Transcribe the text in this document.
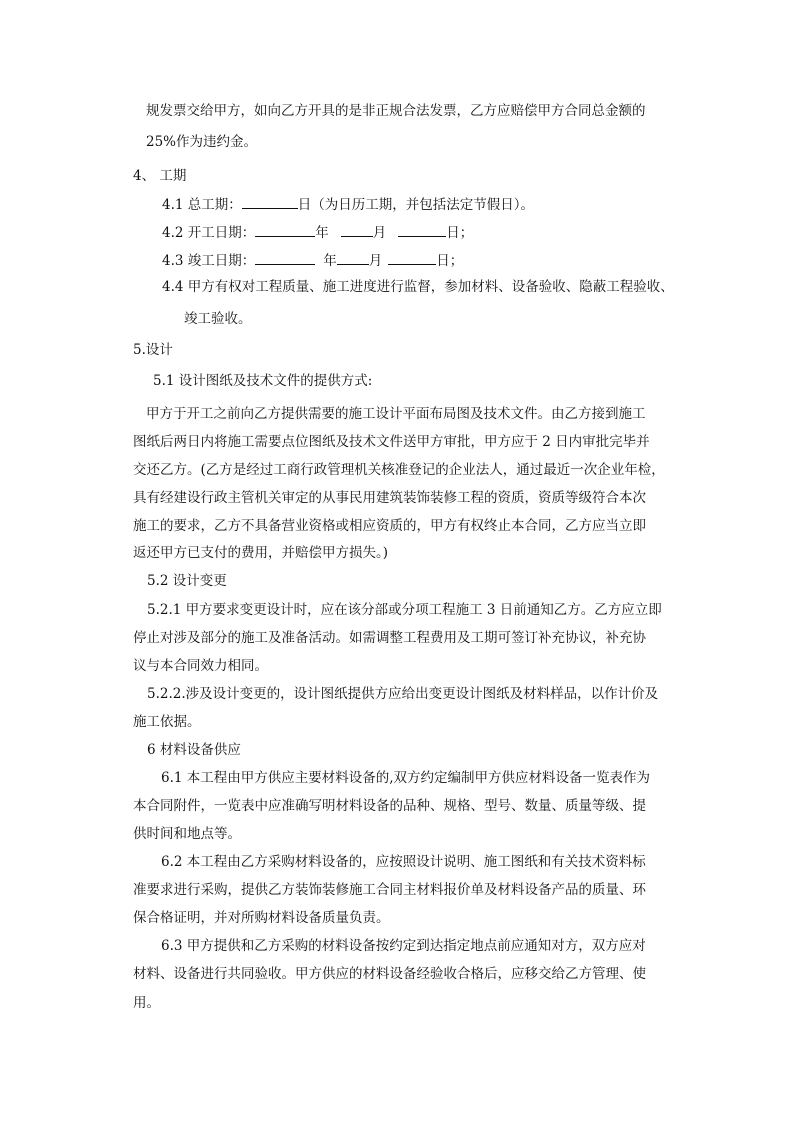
规发票交给甲方，如向乙方开具的是非正规合法发票，乙方应赔偿甲方合同总金额的
25%作为违约金。
4、 工期
4.1 总工期：	日（为日历工期，并包括法定节假日）。
4.2 开工日期：	年	月	日；
4.3 竣工日期：	年 月	日；
4.4 甲方有权对工程质量、施工进度进行监督，参加材料、设备验收、隐蔽工程验收、
竣工验收。
5.设计
5.1 设计图纸及技术文件的提供方式:
甲方于开工之前向乙方提供需要的施工设计平面布局图及技术文件。由乙方接到施工
图纸后两日内将施工需要点位图纸及技术文件送甲方审批，甲方应于 2 日内审批完毕并
交还乙方。(乙方是经过工商行政管理机关核准登记的企业法人，通过最近一次企业年检，
具有经建设行政主管机关审定的从事民用建筑装饰装修工程的资质，资质等级符合本次
施工的要求，乙方不具备营业资格或相应资质的，甲方有权终止本合同，乙方应当立即
返还甲方已支付的费用，并赔偿甲方损失。)
5.2 设计变更
5.2.1 甲方要求变更设计时，应在该分部或分项工程施工 3 日前通知乙方。乙方应立即
停止对涉及部分的施工及准备活动。如需调整工程费用及工期可签订补充协议，补充协
议与本合同效力相同。
5.2.2.涉及设计变更的，设计图纸提供方应给出变更设计图纸及材料样品，以作计价及
施工依据。
6 材料设备供应
6.1 本工程由甲方供应主要材料设备的,双方约定编制甲方供应材料设备一览表作为
本合同附件，一览表中应准确写明材料设备的品种、规格、型号、数量、质量等级、提
供时间和地点等。
6.2 本工程由乙方采购材料设备的，应按照设计说明、施工图纸和有关技术资料标
准要求进行采购，提供乙方装饰装修施工合同主材料报价单及材料设备产品的质量、环
保合格证明，并对所购材料设备质量负责。
6.3 甲方提供和乙方采购的材料设备按约定到达指定地点前应通知对方，双方应对
材料、设备进行共同验收。甲方供应的材料设备经验收合格后，应移交给乙方管理、使
用。
